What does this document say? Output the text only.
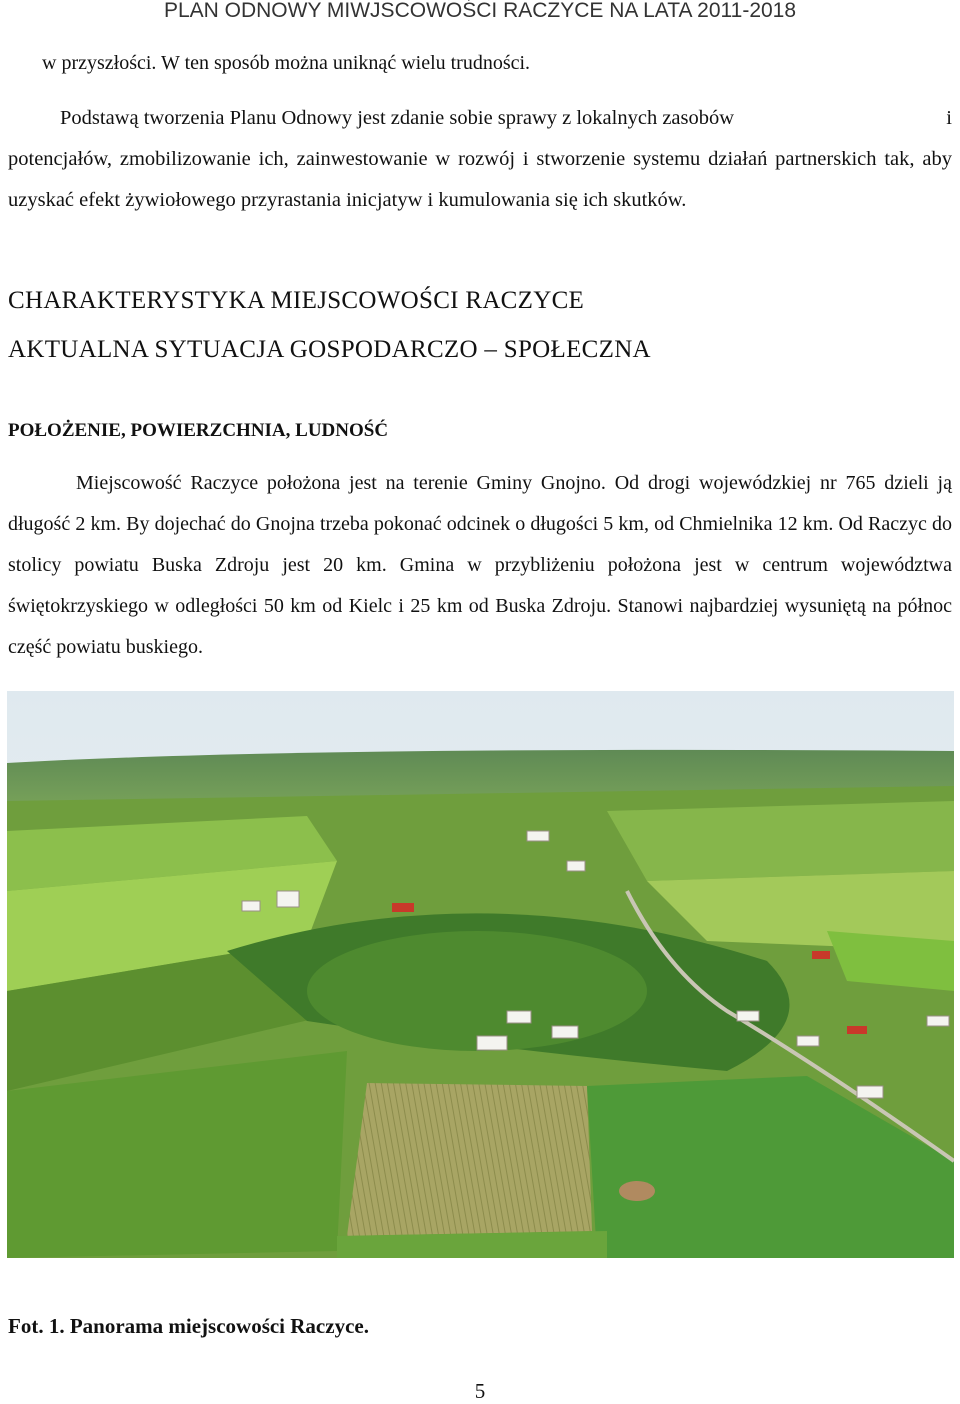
PLAN ODNOWY MIWJSCOWOŚCI RACZYCE NA LATA 2011-2018
w przyszłości. W ten sposób można uniknąć wielu trudności.
Podstawą tworzenia Planu Odnowy jest zdanie sobie sprawy z lokalnych zasobów	i
potencjałów, zmobilizowanie ich, zainwestowanie w rozwój i stworzenie systemu działań partnerskich tak, aby uzyskać efekt żywiołowego przyrastania inicjatyw i kumulowania się ich skutków.
CHARAKTERYSTYKA MIEJSCOWOŚCI RACZYCE
AKTUALNA SYTUACJA GOSPODARCZO – SPOŁECZNA
POŁOŻENIE, POWIERZCHNIA, LUDNOŚĆ

Miejscowość Raczyce położona jest na terenie Gminy Gnojno. Od drogi wojewódzkiej nr 765 dzieli ją długość 2 km. By dojechać do Gnojna trzeba pokonać odcinek o długości 5 km, od Chmielnika 12 km. Od Raczyc do stolicy powiatu Buska Zdroju jest 20 km. Gmina w przybliżeniu położona jest w centrum województwa świętokrzyskiego w odległości 50 km od Kielc i 25 km od Buska Zdroju. Stanowi najbardziej wysuniętą na północ część powiatu buskiego.

Fot. 1. Panorama miejscowości Raczyce.
5
